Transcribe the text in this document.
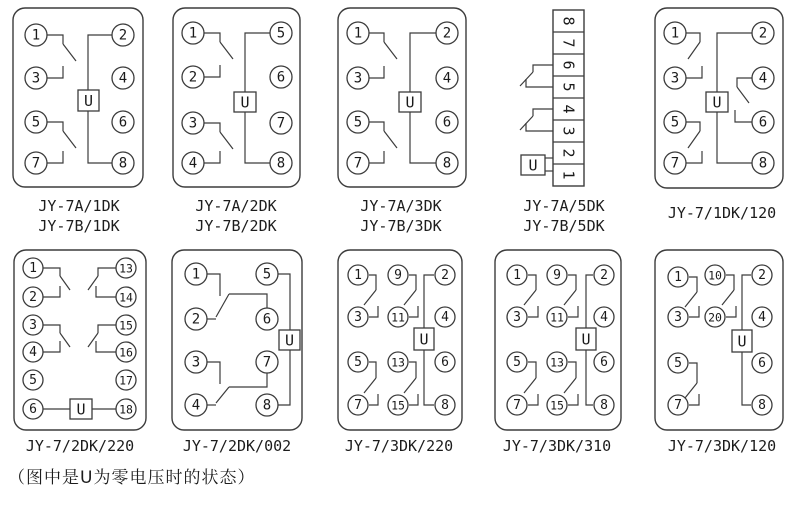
1	2
3	4
5	6
7	8
U
1	5
2	6
3	7
4	8
U
1	2
3	4
5	6
7	8
U
8
7
6
5
4
3
2
1
U
1	2
3	4
5	6
7	8
U
1	13
2	14
3	15
4	16
5	17
6	18
U
1	5
2	6
3	7
4	8
U
1 9	2
3	11	4
5	13	6
7	15	8
U
1 9	2
3	11	4
5	13	6
7	15	8
U
1 10	2
3 20	4
5	6
7	8
U
JY-7A/1DK
JY-7B/1DK
JY-7A/2DK
JY-7B/2DK
JY-7A/3DK
JY-7B/3DK
JY-7A/5DK
JY-7B/5DK
JY-7/1DK/120
JY-7/2DK/220	JY-7/2DK/002	JY-7/3DK/220	JY-7/3DK/310	JY-7/3DK/120
（图中是U为零电压时的状态）
